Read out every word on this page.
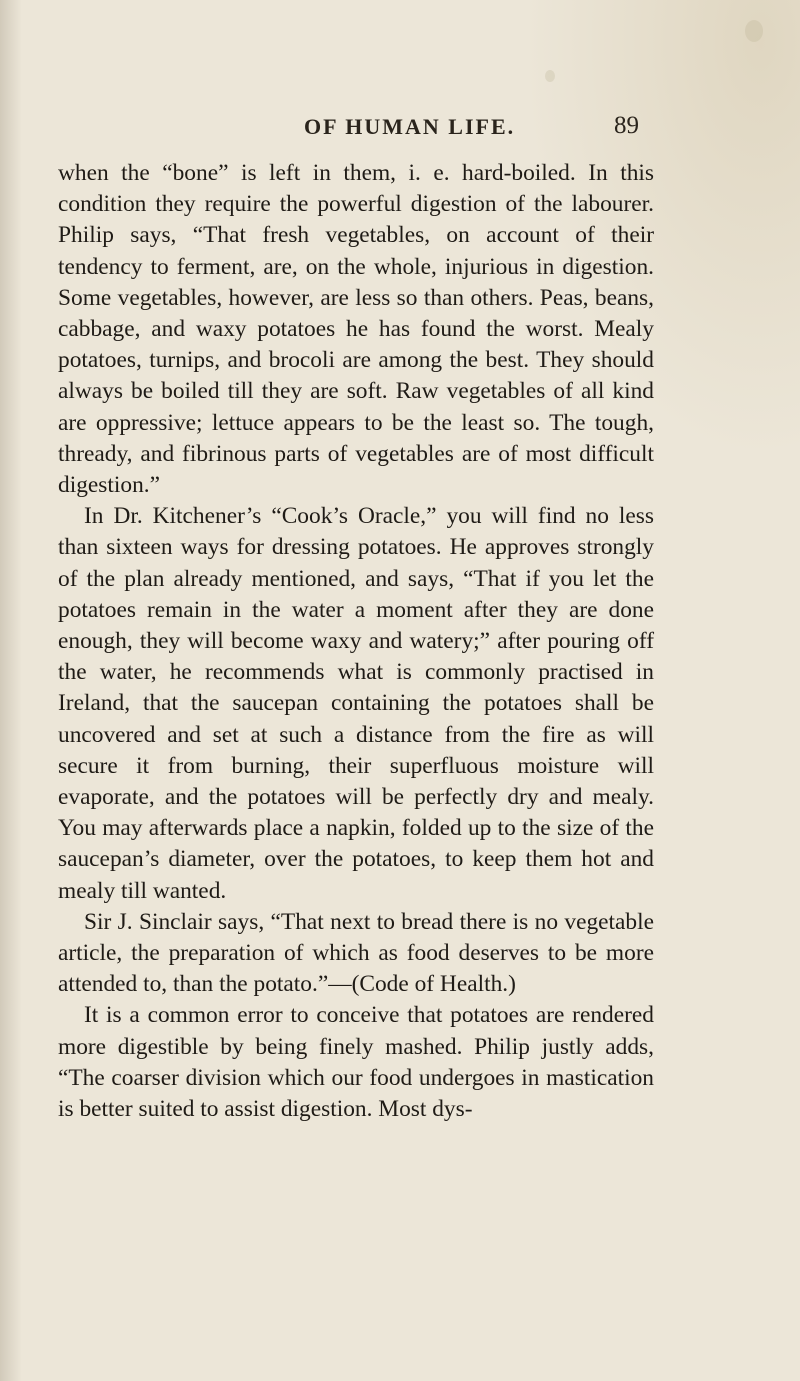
OF HUMAN LIFE.	89

when the “bone” is left in them, i. e. hard-boiled. In this condition they require the powerful digestion of the labourer. Philip says, “That fresh vegetables, on account of their tendency to ferment, are, on the whole, injurious in digestion. Some vegetables, however, are less so than others. Peas, beans, cabbage, and waxy potatoes he has found the worst. Mealy potatoes, turnips, and brocoli are among the best. They should always be boiled till they are soft. Raw vegetables of all kind are oppressive; lettuce appears to be the least so. The tough, thready, and fibrinous parts of vegetables are of most difficult digestion.”

In Dr. Kitchener’s “Cook’s Oracle,” you will find no less than sixteen ways for dressing potatoes. He approves strongly of the plan already mentioned, and says, “That if you let the potatoes remain in the water a moment after they are done enough, they will become waxy and watery;” after pouring off the water, he recommends what is commonly practised in Ireland, that the saucepan containing the potatoes shall be uncovered and set at such a distance from the fire as will secure it from burning, their superfluous moisture will evaporate, and the potatoes will be perfectly dry and mealy. You may afterwards place a napkin, folded up to the size of the saucepan’s diameter, over the potatoes, to keep them hot and mealy till wanted.

Sir J. Sinclair says, “That next to bread there is no vegetable article, the preparation of which as food deserves to be more attended to, than the potato.”—(Code of Health.)

It is a common error to conceive that potatoes are rendered more digestible by being finely mashed. Philip justly adds, “The coarser division which our food undergoes in mastication is better suited to assist digestion. Most dys-
